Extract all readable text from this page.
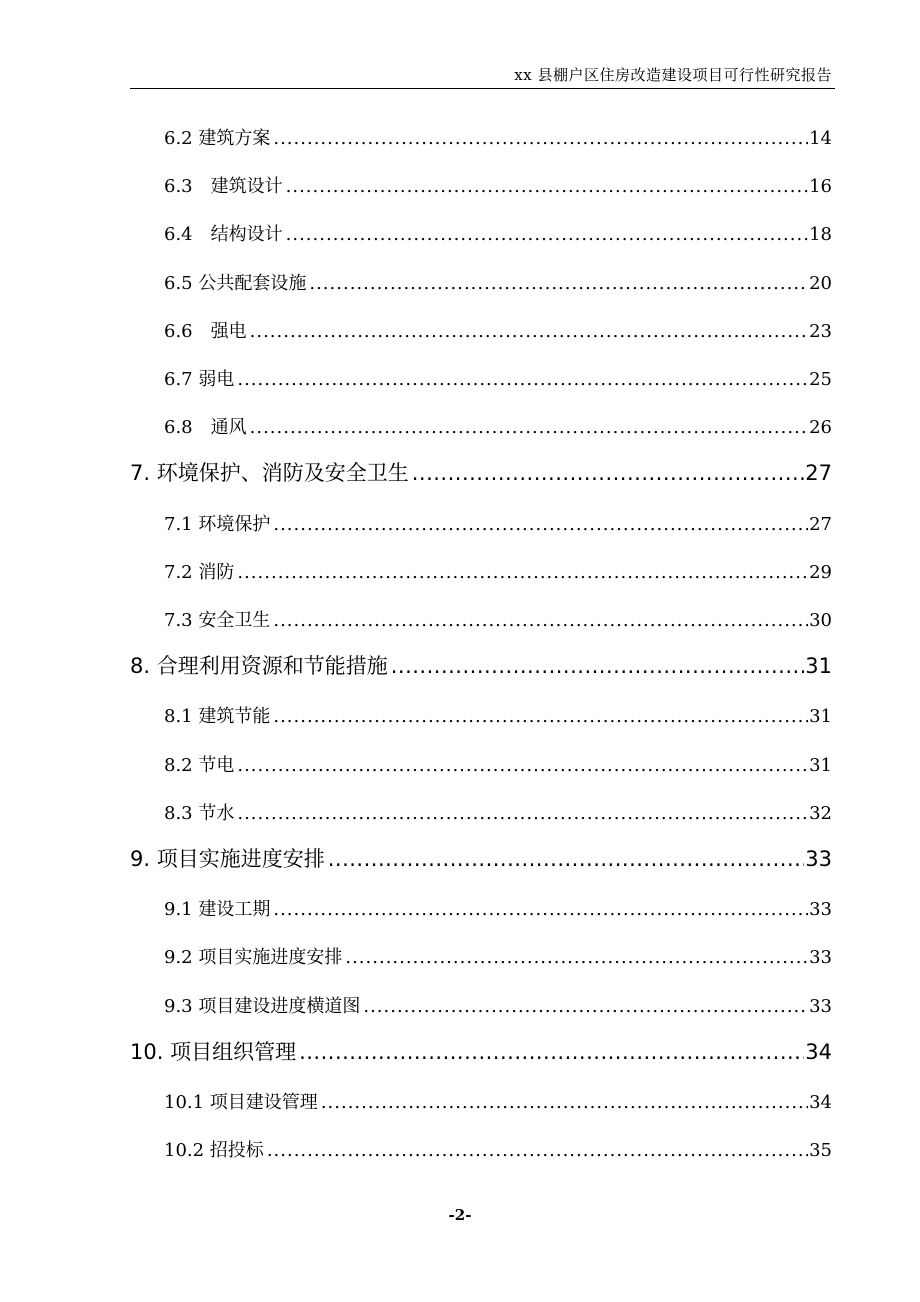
xx 县棚户区住房改造建设项目可行性研究报告
6.2 建筑方案 .....	14
6.3　建筑设计 .....	16
6.4　结构设计 .....	18
6.5 公共配套设施 .....	20
6.6　强电 .....	23
6.7 弱电 .....	25
6.8　通风 .....	26
7. 环境保护、消防及安全卫生 .....	27
7.1 环境保护 .....	27
7.2 消防 .....	29
7.3 安全卫生 .....	30
8. 合理利用资源和节能措施 .....	31
8.1 建筑节能 .....	31
8.2 节电 .....	31
8.3 节水 .....	32
9. 项目实施进度安排 .....	33
9.1 建设工期 .....	33
9.2 项目实施进度安排 .....	33
9.3 项目建设进度横道图 .....	33
10. 项目组织管理 .....	34
10.1 项目建设管理 .....	34
10.2 招投标 .....	35
-2-
